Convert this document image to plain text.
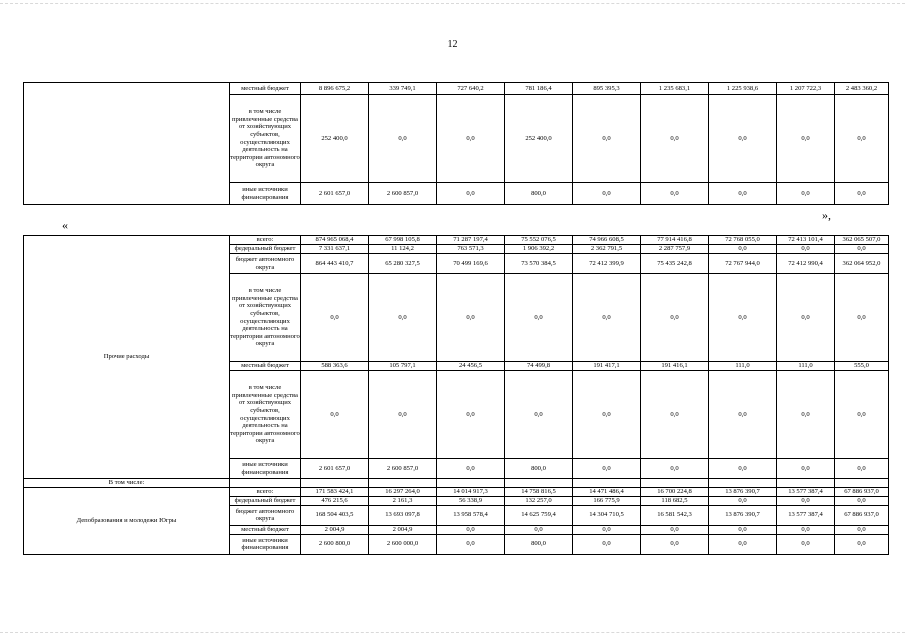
12
	местный бюджет	8 896 675,2	339 749,1	727 640,2	781 186,4	895 395,3	1 235 683,1	1 225 938,6	1 207 722,3	2 483 360,2
	в том числе привлеченные средства от хозяйствующих субъектов, осуществляющих деятельность на территории автономного округа	252 400,0	0,0	0,0	252 400,0	0,0	0,0	0,0	0,0	0,0
	иные источники финансирования	2 601 657,0	2 600 857,0	0,0	800,0	0,0	0,0	0,0	0,0	0,0
«
»,
Прочие расходы	всего:	874 965 068,4	67 998 105,8	71 287 197,4	75 552 076,5	74 966 608,5	77 914 416,8	72 768 055,0	72 413 101,4	362 065 507,0
	федеральный бюджет	7 331 637,1	11 124,2	763 571,3	1 906 392,2	2 362 791,5	2 287 757,9	0,0	0,0	0,0
	бюджет автономного округа	864 443 410,7	65 280 327,5	70 499 169,6	73 570 384,5	72 412 399,9	75 435 242,8	72 767 944,0	72 412 990,4	362 064 952,0
	в том числе привлеченные средства от хозяйствующих субъектов, осуществляющих деятельность на территории автономного округа	0,0	0,0	0,0	0,0	0,0	0,0	0,0	0,0	0,0
	местный бюджет	588 363,6	105 797,1	24 456,5	74 499,8	191 417,1	191 416,1	111,0	111,0	555,0
	в том числе привлеченные средства от хозяйствующих субъектов, осуществляющих деятельность на территории автономного округа	0,0	0,0	0,0	0,0	0,0	0,0	0,0	0,0	0,0
	иные источники финансирования	2 601 657,0	2 600 857,0	0,0	800,0	0,0	0,0	0,0	0,0	0,0
В том числе:										
Депобразования и молодежи Югры	всего:	171 583 424,1	16 297 264,0	14 014 917,3	14 758 816,5	14 471 486,4	16 700 224,8	13 876 390,7	13 577 387,4	67 886 937,0
	федеральный бюджет	476 215,6	2 161,3	56 338,9	132 257,0	166 775,9	118 682,5	0,0	0,0	0,0
	бюджет автономного округа	168 504 403,5	13 693 097,8	13 958 578,4	14 625 759,4	14 304 710,5	16 581 542,3	13 876 390,7	13 577 387,4	67 886 937,0
	местный бюджет	2 004,9	2 004,9	0,0	0,0	0,0	0,0	0,0	0,0	0,0
	иные источники финансирования	2 600 800,0	2 600 000,0	0,0	800,0	0,0	0,0	0,0	0,0	0,0
